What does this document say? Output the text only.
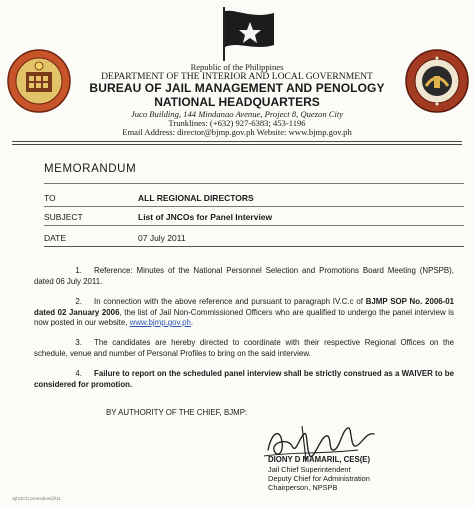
Republic of the Philippines
DEPARTMENT OF THE INTERIOR AND LOCAL GOVERNMENT
BUREAU OF JAIL MANAGEMENT AND PENOLOGY
NATIONAL HEADQUARTERS
Juco Building, 144 Mindanao Avenue, Project 8, Quezon City
Trunklines: (+632) 927-6383; 453-1196
Email Address: director@bjmp.gov.ph Website: www.bjmp.gov.ph
MEMORANDUM
TO	ALL REGIONAL DIRECTORS
SUBJECT	List of JNCOs for Panel Interview
DATE	07 July 2011
1. Reference: Minutes of the National Personnel Selection and Promotions Board Meeting (NPSPB), dated 06 July 2011.
2. In connection with the above reference and pursuant to paragraph IV.C.c of BJMP SOP No. 2006-01 dated 02 January 2006, the list of Jail Non-Commissioned Officers who are qualified to undergo the panel interview is now posted in our website, www.bjmp.gov.ph.
3. The candidates are hereby directed to coordinate with their respective Regional Offices on the schedule, venue and number of Personal Profiles to bring on the said interview.
4. Failure to report on the scheduled panel interview shall be strictly construed as a WAIVER to be considered for promotion.
BY AUTHORITY OF THE CHIEF, BJMP:
DIONY D MAMARIL, CES(E)
Jail Chief Superintendent
Deputy Chief for Administration
Chairperson, NPSPB
wjh/JCO promotion/j/l/11
